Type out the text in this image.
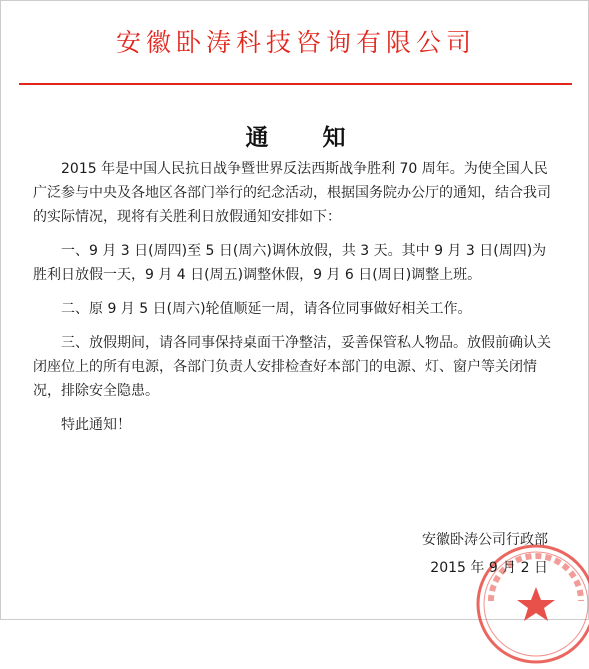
安徽卧涛科技咨询有限公司
通 知

2015 年是中国人民抗日战争暨世界反法西斯战争胜利 70 周年。为使全国人民广泛参与中央及各地区各部门举行的纪念活动，根据国务院办公厅的通知，结合我司的实际情况，现将有关胜利日放假通知安排如下：

一、9 月 3 日(周四)至 5 日(周六)调休放假，共 3 天。其中 9 月 3 日(周四)为胜利日放假一天，9 月 4 日(周五)调整休假，9 月 6 日(周日)调整上班。

二、原 9 月 5 日(周六)轮值顺延一周，请各位同事做好相关工作。

三、放假期间，请各同事保持桌面干净整洁，妥善保管私人物品。放假前确认关闭座位上的所有电源，各部门负责人安排检查好本部门的电源、灯、窗户等关闭情况，排除安全隐患。

特此通知！

安徽卧涛公司行政部
2015 年 9 月 2 日
